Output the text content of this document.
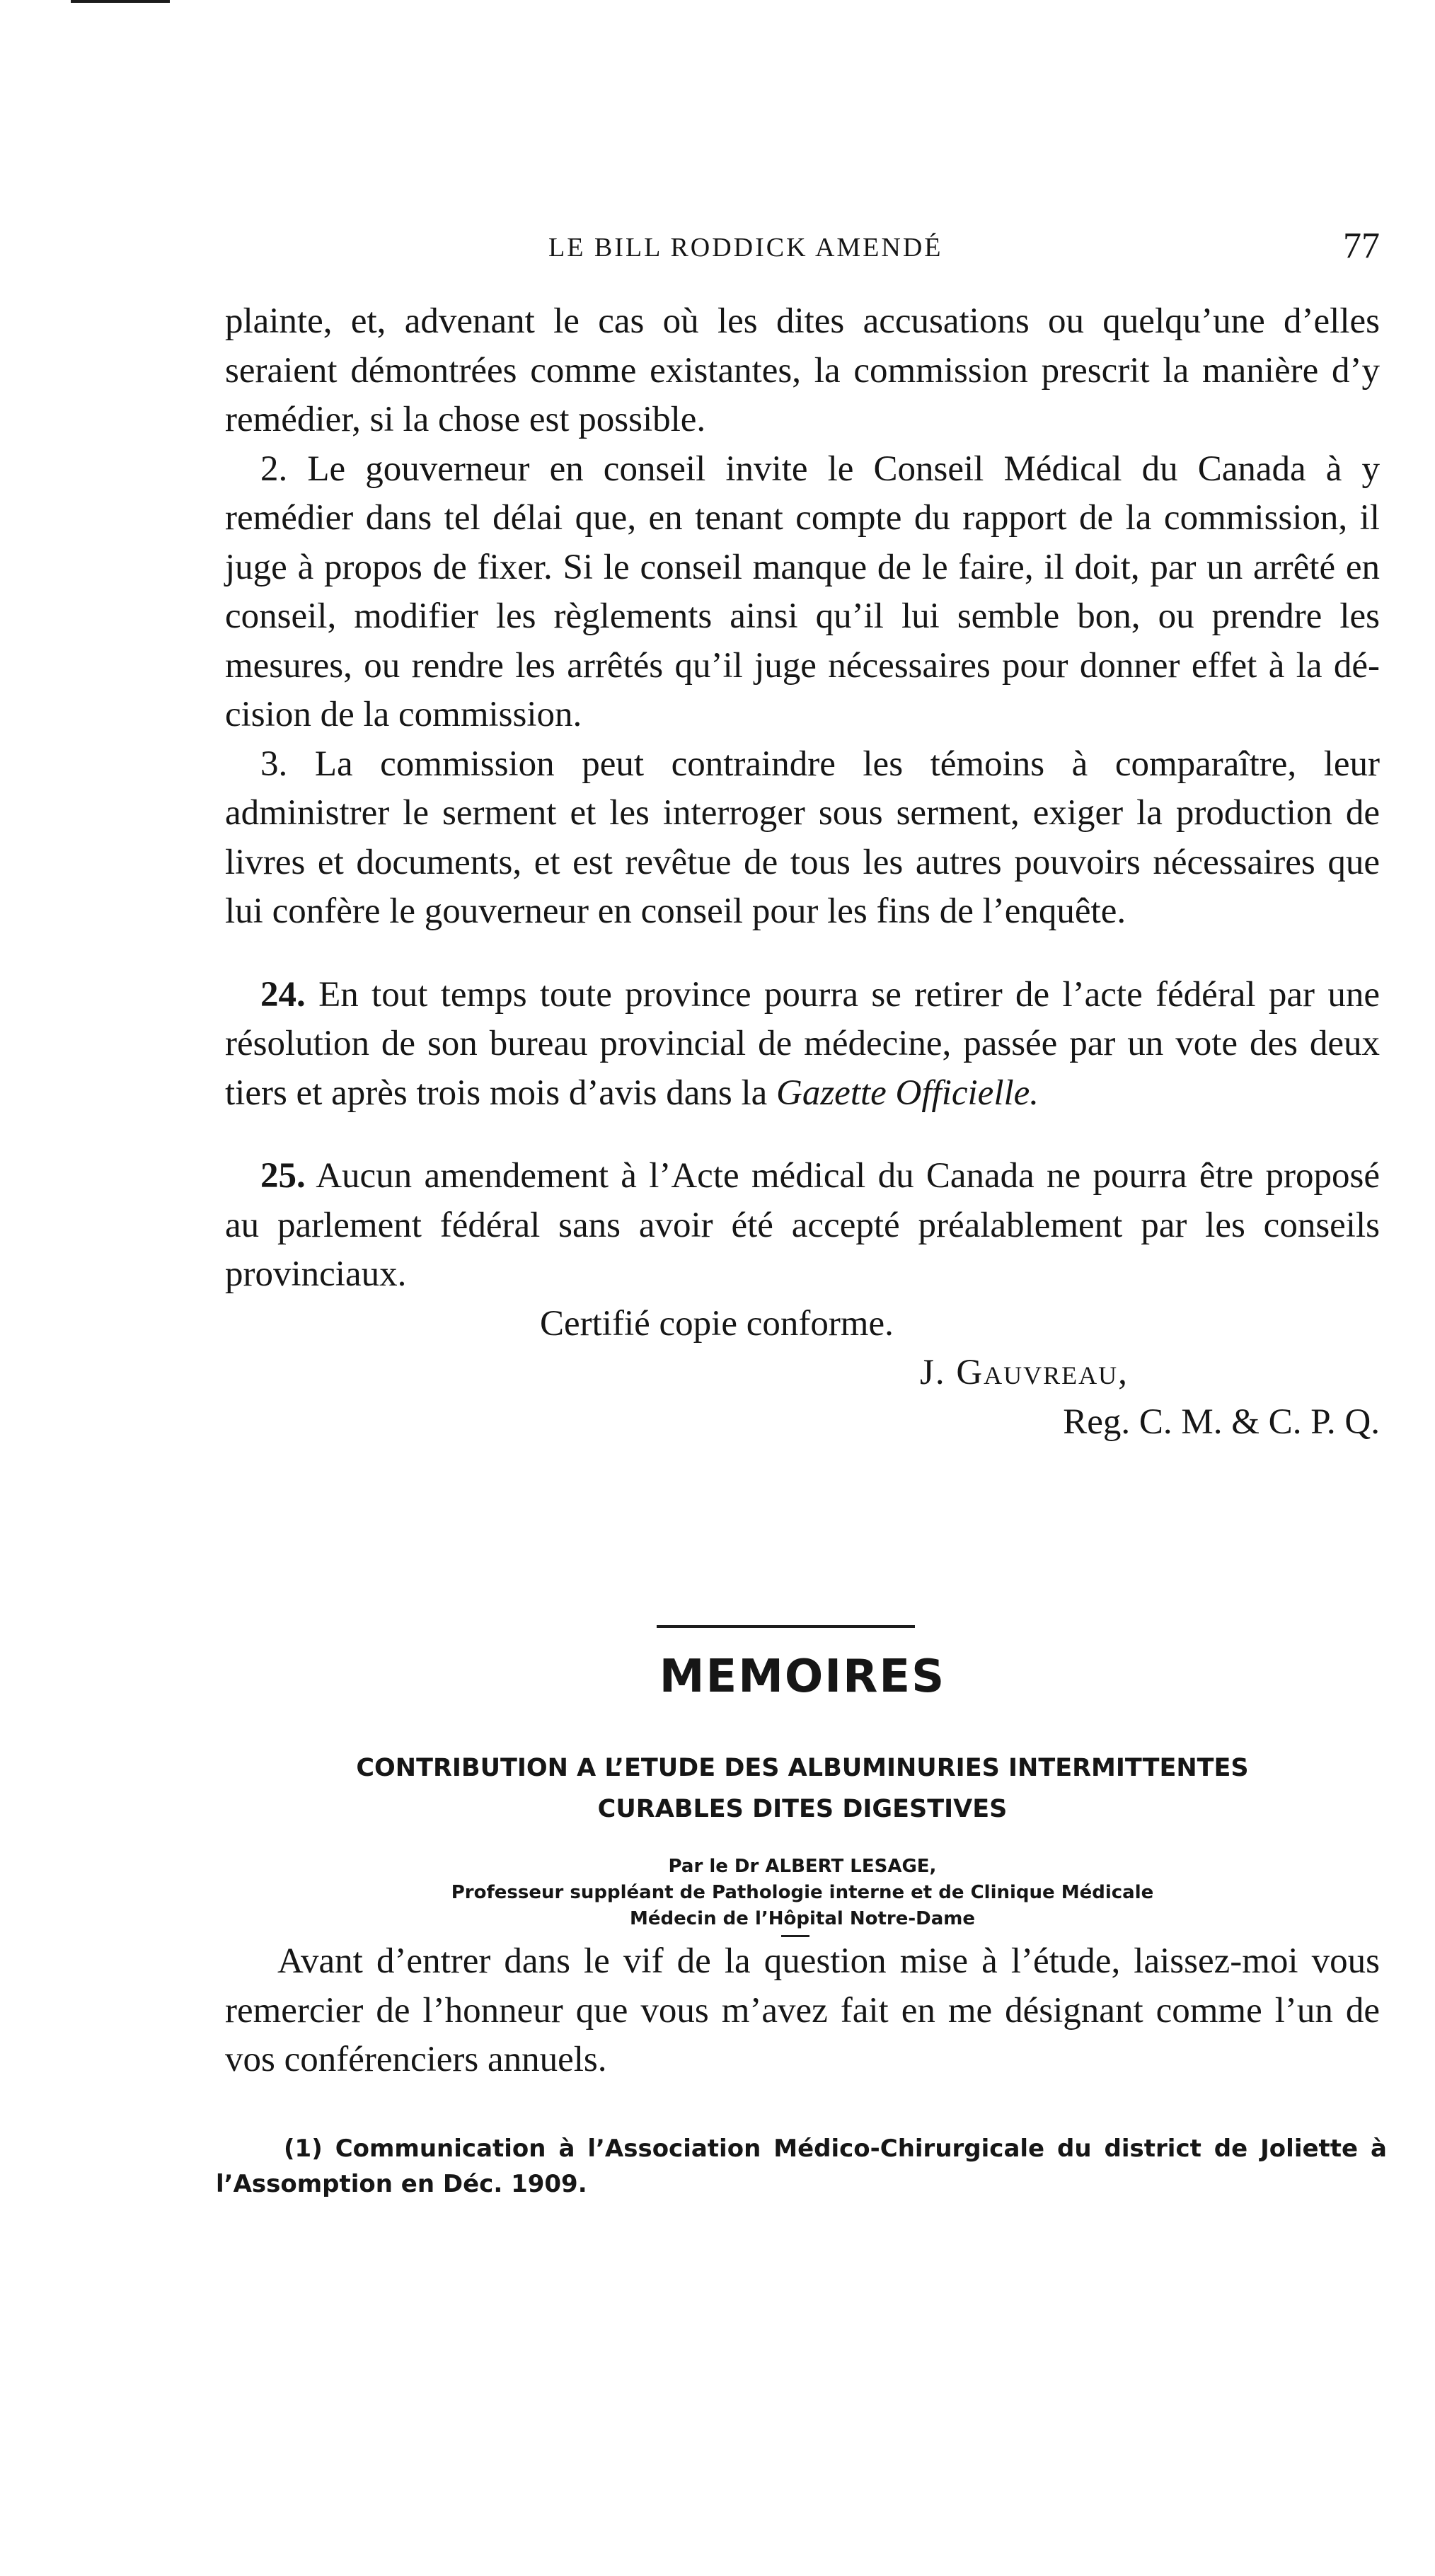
LE BILL RODDICK AMENDÉ	77

plainte, et, advenant le cas où les dites accusations ou quelqu’une d’elles seraient démontrées comme existantes, la commission prescrit la manière d’y remédier, si la chose est possible.

2. Le gouverneur en conseil invite le Conseil Médical du Canada à y remédier dans tel délai que, en tenant compte du rapport de la commission, il juge à propos de fixer. Si le conseil manque de le faire, il doit, par un arrêté en conseil, modifier les règlements ainsi qu’il lui semble bon, ou prendre les mesures, ou rendre les arrêtés qu’il juge nécessaires pour donner effet à la décision de la commission.

3. La commission peut contraindre les témoins à comparaître, leur administrer le serment et les interroger sous serment, exiger la production de livres et documents, et est revêtue de tous les autres pouvoirs nécessaires que lui confère le gouverneur en conseil pour les fins de l’enquête.

24. En tout temps toute province pourra se retirer de l’acte fédéral par une résolution de son bureau provincial de médecine, passée par un vote des deux tiers et après trois mois d’avis dans la Gazette Officielle.

25. Aucun amendement à l’Acte médical du Canada ne pourra être proposé au parlement fédéral sans avoir été accepté préalablement par les conseils provinciaux.

Certifié copie conforme.

J. Gauvreau,

Reg. C. M. & C. P. Q.

MEMOIRES
CONTRIBUTION A L’ETUDE DES ALBUMINURIES INTERMITTENTES
CURABLES DITES DIGESTIVES
Par le Dr ALBERT LESAGE,
Professeur suppléant de Pathologie interne et de Clinique Médicale
Médecin de l’Hôpital Notre-Dame

Avant d’entrer dans le vif de la question mise à l’étude, laissez-moi vous remercier de l’honneur que vous m’avez fait en me désignant comme l’un de vos conférenciers annuels.

(1) Communication à l’Association Médico-Chirurgicale du district de Joliette à l’Assomption en Déc. 1909.
